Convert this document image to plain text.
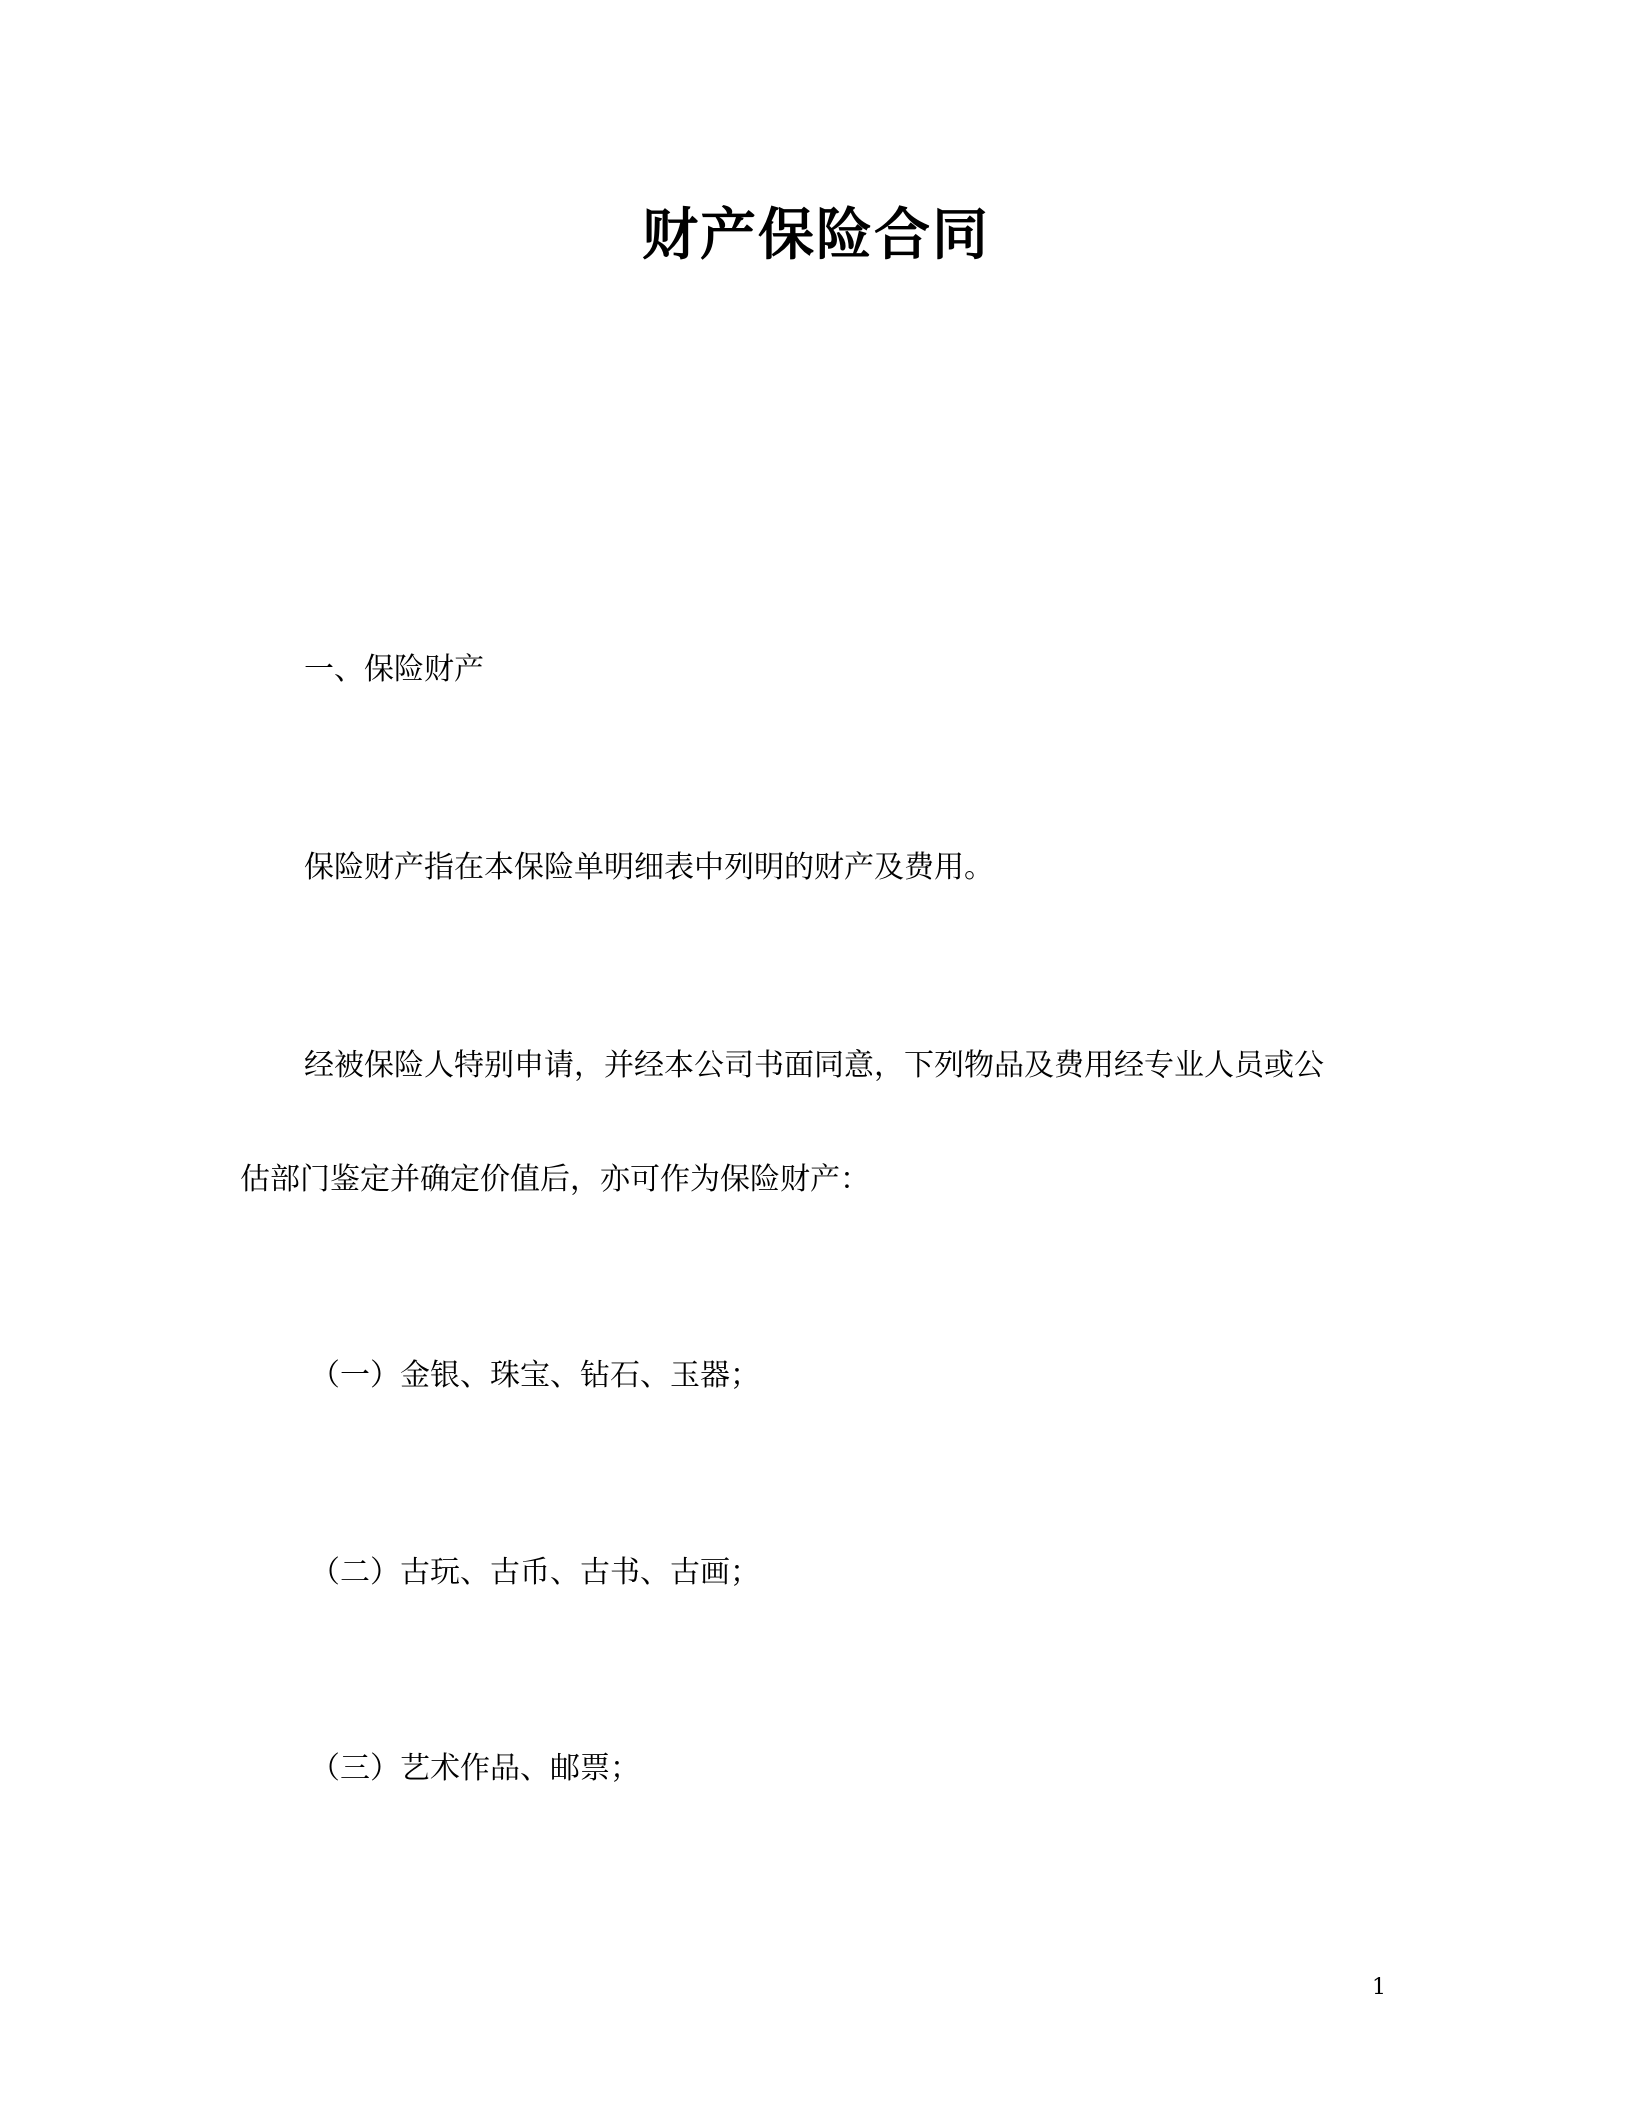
财产保险合同
一、保险财产
保险财产指在本保险单明细表中列明的财产及费用。
经被保险人特别申请，并经本公司书面同意，下列物品及费用经专业人员或公
估部门鉴定并确定价值后，亦可作为保险财产：
（一）金银、珠宝、钻石、玉器；
（二）古玩、古币、古书、古画；
（三）艺术作品、邮票；
1
